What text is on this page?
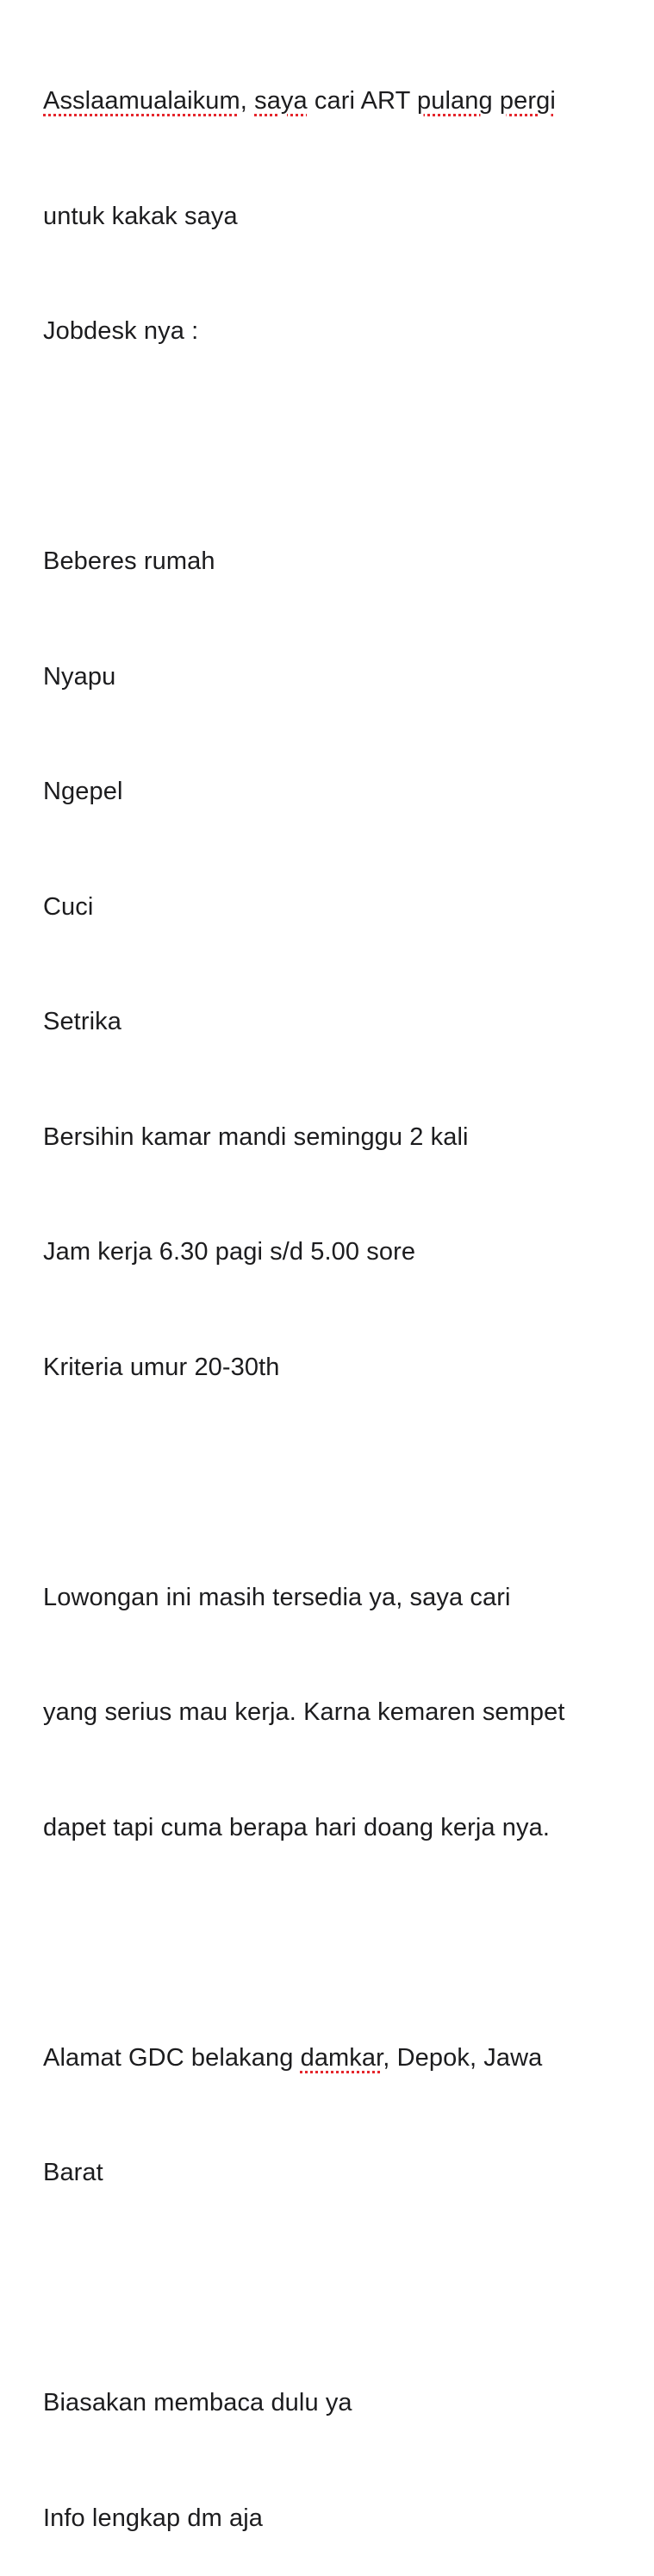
Asslaamualaikum, saya cari ART pulang pergi

untuk kakak saya

Jobdesk nya :

Beberes rumah

Nyapu

Ngepel

Cuci

Setrika

Bersihin kamar mandi seminggu 2 kali

Jam kerja 6.30 pagi s/d 5.00 sore

Kriteria umur 20-30th

Lowongan ini masih tersedia ya, saya cari

yang serius mau kerja. Karna kemaren sempet

dapet tapi cuma berapa hari doang kerja nya.

Alamat GDC belakang damkar, Depok, Jawa

Barat

Biasakan membaca dulu ya

Info lengkap dm aja
